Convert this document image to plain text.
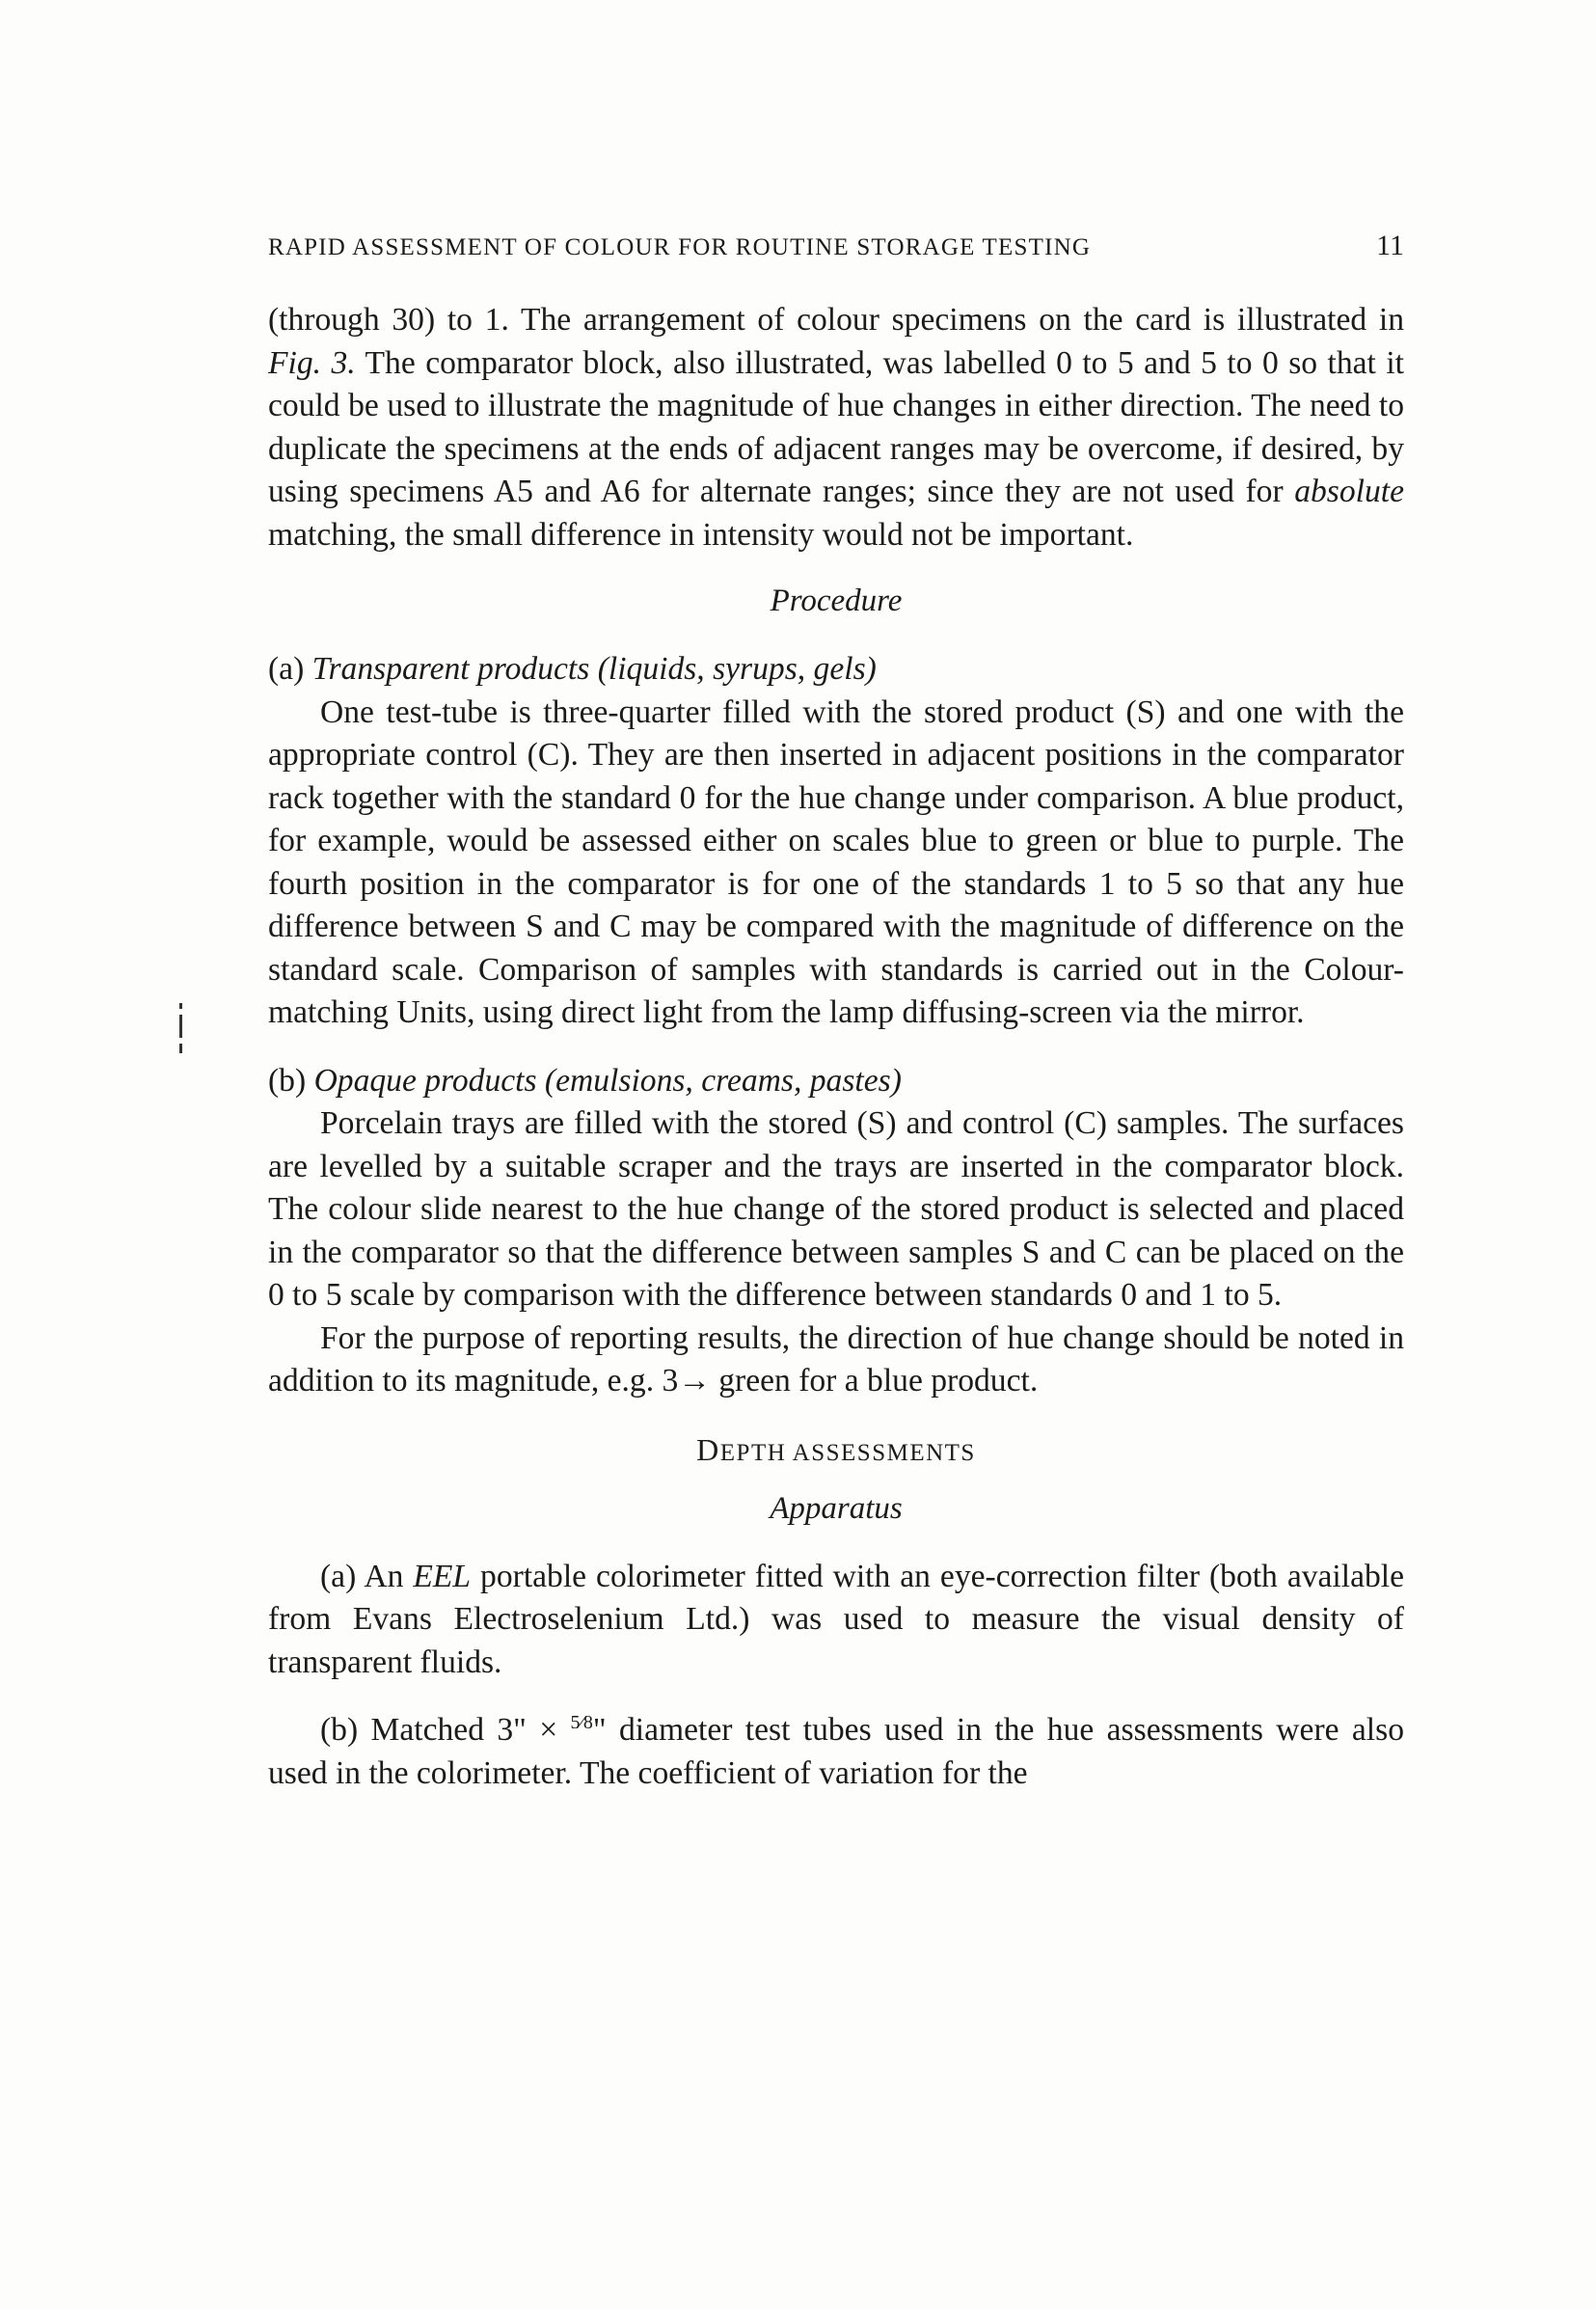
RAPID ASSESSMENT OF COLOUR FOR ROUTINE STORAGE TESTING	11

(through 30) to 1. The arrangement of colour specimens on the card is illustrated in Fig. 3. The comparator block, also illustrated, was labelled 0 to 5 and 5 to 0 so that it could be used to illustrate the magnitude of hue changes in either direction. The need to duplicate the specimens at the ends of adjacent ranges may be overcome, if desired, by using specimens A5 and A6 for alternate ranges; since they are not used for absolute matching, the small difference in intensity would not be important.

Procedure
(a) Transparent products (liquids, syrups, gels)

One test-tube is three-quarter filled with the stored product (S) and one with the appropriate control (C). They are then inserted in adjacent positions in the comparator rack together with the standard 0 for the hue change under comparison. A blue product, for example, would be assessed either on scales blue to green or blue to purple. The fourth position in the comparator is for one of the standards 1 to 5 so that any hue difference between S and C may be compared with the magnitude of difference on the standard scale. Comparison of samples with standards is carried out in the Colour-matching Units, using direct light from the lamp diffusing-screen via the mirror.

(b) Opaque products (emulsions, creams, pastes)

Porcelain trays are filled with the stored (S) and control (C) samples. The surfaces are levelled by a suitable scraper and the trays are inserted in the comparator block. The colour slide nearest to the hue change of the stored product is selected and placed in the comparator so that the difference between samples S and C can be placed on the 0 to 5 scale by comparison with the difference between standards 0 and 1 to 5.

For the purpose of reporting results, the direction of hue change should be noted in addition to its magnitude, e.g. 3→ green for a blue product.

DEPTH ASSESSMENTS
Apparatus

(a) An EEL portable colorimeter fitted with an eye-correction filter (both available from Evans Electroselenium Ltd.) was used to measure the visual density of transparent fluids.

(b) Matched 3" × $^{5⁄8}$" diameter test tubes used in the hue assessments were also used in the colorimeter. The coefficient of variation for the
